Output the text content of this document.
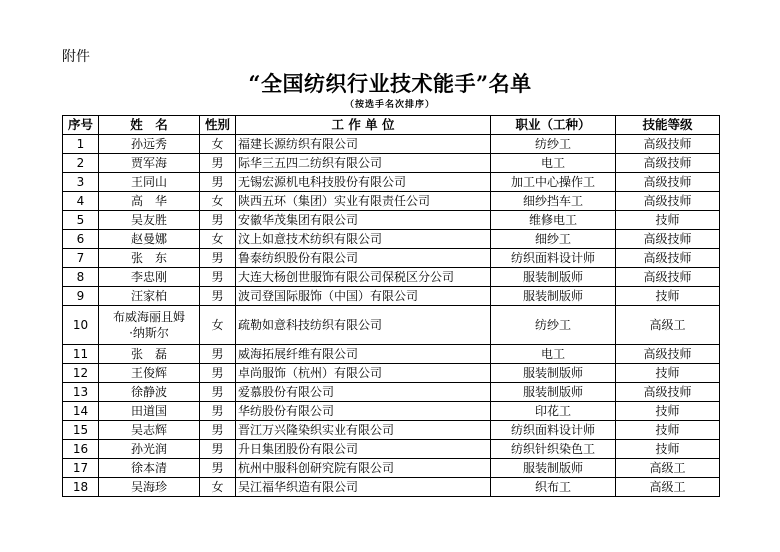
附件
“全国纺织行业技术能手”名单
（按选手名次排序）
序号	姓　名	性别	工 作 单 位	职业（工种）	技能等级
1	孙远秀	女	福建长源纺织有限公司	纺纱工	高级技师
2	贾军海	男	际华三五四二纺织有限公司	电工	高级技师
3	王同山	男	无锡宏源机电科技股份有限公司	加工中心操作工	高级技师
4	高　华	女	陕西五环（集团）实业有限责任公司	细纱挡车工	高级技师
5	吴友胜	男	安徽华茂集团有限公司	维修电工	技师
6	赵曼娜	女	汶上如意技术纺织有限公司	细纱工	高级技师
7	张　东	男	鲁泰纺织股份有限公司	纺织面料设计师	高级技师
8	李忠刚	男	大连大杨创世服饰有限公司保税区分公司	服装制版师	高级技师
9	汪家柏	男	波司登国际服饰（中国）有限公司	服装制版师	技师
10	布威海丽且姆
·纳斯尔	女	疏勒如意科技纺织有限公司	纺纱工	高级工
11	张　磊	男	威海拓展纤维有限公司	电工	高级技师
12	王俊辉	男	卓尚服饰（杭州）有限公司	服装制版师	技师
13	徐静波	男	爱慕股份有限公司	服装制版师	高级技师
14	田道国	男	华纺股份有限公司	印花工	技师
15	吴志辉	男	晋江万兴隆染织实业有限公司	纺织面料设计师	技师
16	孙光润	男	升日集团股份有限公司	纺织针织染色工	技师
17	徐本清	男	杭州中服科创研究院有限公司	服装制版师	高级工
18	吴海珍	女	吴江福华织造有限公司	织布工	高级工
